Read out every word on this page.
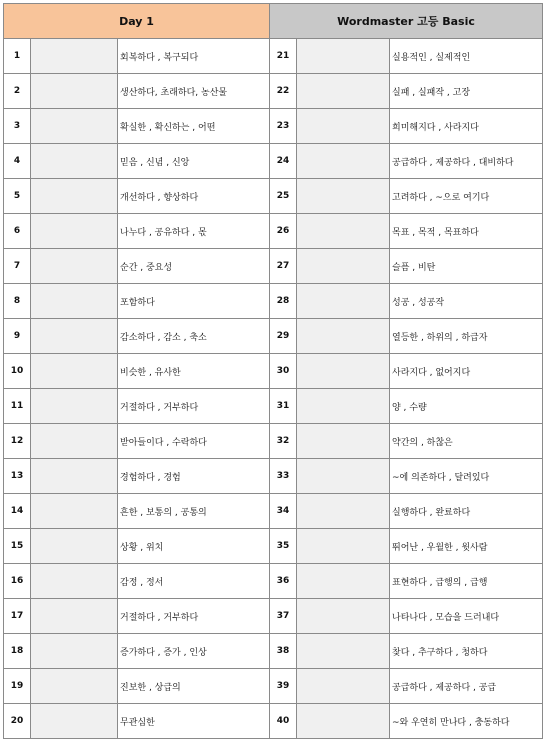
Day 1			Wordmaster 고등 Basic		
1		회복하다 , 복구되다	21		실용적인 , 실제적인
2		생산하다, 초래하다, 농산물	22		실패 , 실패작 , 고장
3		확실한 , 확신하는 , 어떤	23		희미해지다 , 사라지다
4		믿음 , 신념 , 신앙	24		공급하다 , 제공하다 , 대비하다
5		개선하다 , 향상하다	25		고려하다 , ~으로 여기다
6		나누다 , 공유하다 , 몫	26		목표 , 목적 , 목표하다
7		순간 , 중요성	27		슬픔 , 비탄
8		포함하다	28		성공 , 성공작
9		감소하다 , 감소 , 축소	29		열등한 , 하위의 , 하급자
10		비슷한 , 유사한	30		사라지다 , 없어지다
11		거절하다 , 거부하다	31		양 , 수량
12		받아들이다 , 수락하다	32		약간의 , 하찮은
13		경험하다 , 경험	33		~에 의존하다 , 달려있다
14		흔한 , 보통의 , 공통의	34		실행하다 , 완료하다
15		상황 , 위치	35		뛰어난 , 우월한 , 윗사람
16		감정 , 정서	36		표현하다 , 급행의 , 급행
17		거절하다 , 거부하다	37		나타나다 , 모습을 드러내다
18		증가하다 , 증가 , 인상	38		찾다 , 추구하다 , 청하다
19		진보한 , 상급의	39		공급하다 , 제공하다 , 공급
20		무관심한	40		~와 우연히 만나다 , 충동하다
